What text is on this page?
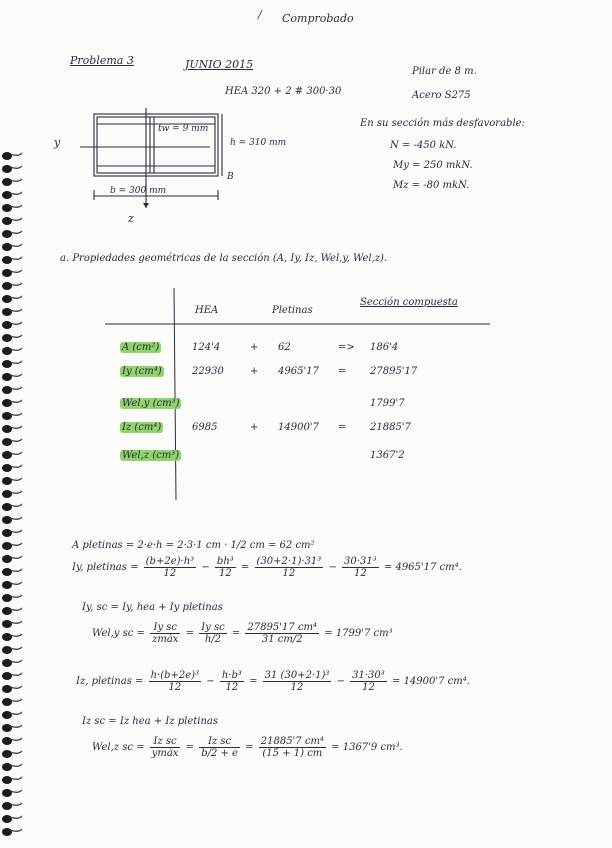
/ Comprobado
Problema 3	JUNIO 2015
HEA 320 + 2 # 300·30
Pilar de 8 m.
Acero S275
y
z
b = 300 mm
h = 310 mm
tw = 9 mm
B
En su sección más desfavorable:
N = -450 kN.
My = 250 mkN.
Mz = -80 mkN.
a. Propiedades geométricas de la sección (A, Iy, Iz, Wel,y, Wel,z).
HEA	Pletinas
Sección compuesta
A (cm²)	124'4	+ 62	=> 186'4
Iy (cm⁴)	22930	+ 4965'17 = 27895'17
Wel,y (cm³)	1799'7
Iz (cm⁴)	6985	+ 14900'7 = 21885'7
Wel,z (cm³)	1367'2
A pletinas = 2·e·h = 2·3·1 cm · 1/2 cm = 62 cm²
Iy, pletinas = $\frac{\text{(b+2e)·h³}}{12} - \frac{\text{bh³}}{12} = \frac{\text{(30+2·1)·31³}}{12} - \frac{\text{30·31³}}{12} = 4965'17$ cm⁴.
Iy, sc = Iy, hea + Iy pletinas
Wel,y sc = $\frac{\text{Iy sc}}{\text{zmáx}} = \frac{\text{Iy sc}}{h/2} = \frac{\text{27895'17 cm⁴}}{31 cm/2} = 1799'7$ cm³
Iz, pletinas = $\frac{\text{h·(b+2e)³}}{12} - \frac{\text{h·b³}}{12} = \frac{\text{31 (30+2·1)³}}{12} - \frac{\text{31·30³}}{12} = 14900'7$ cm⁴.
Iz sc = Iz hea + Iz pletinas
Wel,z sc = $\frac{\text{Iz sc}}{\text{ymáx}} = \frac{\text{Iz sc}}{b/2 + e} = \frac{\text{21885'7 cm⁴}}{(15 + 1) cm} = 1367'9$ cm³.
